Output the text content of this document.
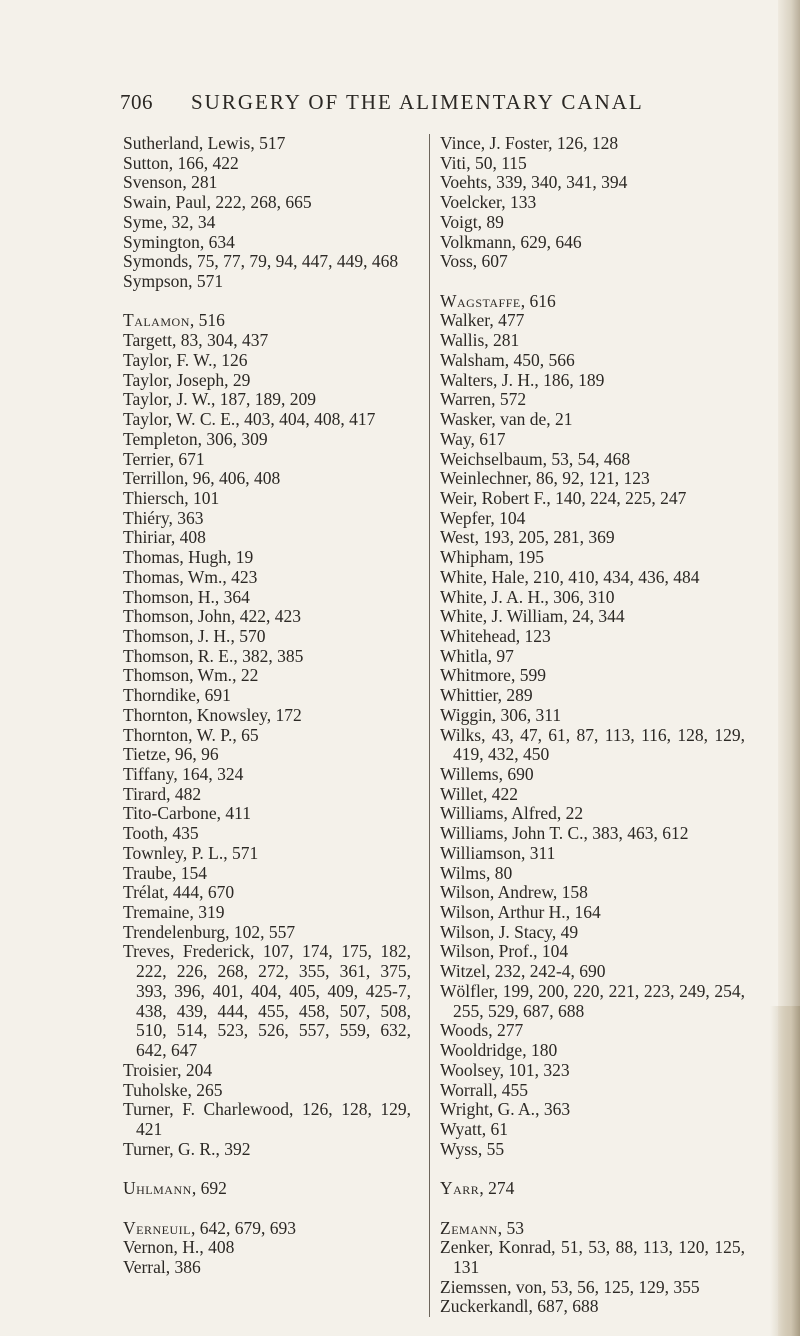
706 SURGERY OF THE ALIMENTARY CANAL
Sutherland, Lewis, 517
Sutton, 166, 422
Svenson, 281
Swain, Paul, 222, 268, 665
Syme, 32, 34
Symington, 634
Symonds, 75, 77, 79, 94, 447, 449, 468
Sympson, 571
Talamon, 516
Targett, 83, 304, 437
Taylor, F. W., 126
Taylor, Joseph, 29
Taylor, J. W., 187, 189, 209
Taylor, W. C. E., 403, 404, 408, 417
Templeton, 306, 309
Terrier, 671
Terrillon, 96, 406, 408
Thiersch, 101
Thiéry, 363
Thiriar, 408
Thomas, Hugh, 19
Thomas, Wm., 423
Thomson, H., 364
Thomson, John, 422, 423
Thomson, J. H., 570
Thomson, R. E., 382, 385
Thomson, Wm., 22
Thorndike, 691
Thornton, Knowsley, 172
Thornton, W. P., 65
Tietze, 96, 96
Tiffany, 164, 324
Tirard, 482
Tito-Carbone, 411
Tooth, 435
Townley, P. L., 571
Traube, 154
Trélat, 444, 670
Tremaine, 319
Trendelenburg, 102, 557
Treves, Frederick, 107, 174, 175, 182, 222, 226, 268, 272, 355, 361, 375, 393, 396, 401, 404, 405, 409, 425-7, 438, 439, 444, 455, 458, 507, 508, 510, 514, 523, 526, 557, 559, 632, 642, 647
Troisier, 204
Tuholske, 265
Turner, F. Charlewood, 126, 128, 129, 421
Turner, G. R., 392
Uhlmann, 692
Verneuil, 642, 679, 693
Vernon, H., 408
Verral, 386
Vince, J. Foster, 126, 128
Viti, 50, 115
Voehts, 339, 340, 341, 394
Voelcker, 133
Voigt, 89
Volkmann, 629, 646
Voss, 607
Wagstaffe, 616
Walker, 477
Wallis, 281
Walsham, 450, 566
Walters, J. H., 186, 189
Warren, 572
Wasker, van de, 21
Way, 617
Weichselbaum, 53, 54, 468
Weinlechner, 86, 92, 121, 123
Weir, Robert F., 140, 224, 225, 247
Wepfer, 104
West, 193, 205, 281, 369
Whipham, 195
White, Hale, 210, 410, 434, 436, 484
White, J. A. H., 306, 310
White, J. William, 24, 344
Whitehead, 123
Whitla, 97
Whitmore, 599
Whittier, 289
Wiggin, 306, 311
Wilks, 43, 47, 61, 87, 113, 116, 128, 129, 419, 432, 450
Willems, 690
Willet, 422
Williams, Alfred, 22
Williams, John T. C., 383, 463, 612
Williamson, 311
Wilms, 80
Wilson, Andrew, 158
Wilson, Arthur H., 164
Wilson, J. Stacy, 49
Wilson, Prof., 104
Witzel, 232, 242-4, 690
Wölfler, 199, 200, 220, 221, 223, 249, 254, 255, 529, 687, 688
Woods, 277
Wooldridge, 180
Woolsey, 101, 323
Worrall, 455
Wright, G. A., 363
Wyatt, 61
Wyss, 55
Yarr, 274
Zemann, 53
Zenker, Konrad, 51, 53, 88, 113, 120, 125, 131
Ziemssen, von, 53, 56, 125, 129, 355
Zuckerkandl, 687, 688
